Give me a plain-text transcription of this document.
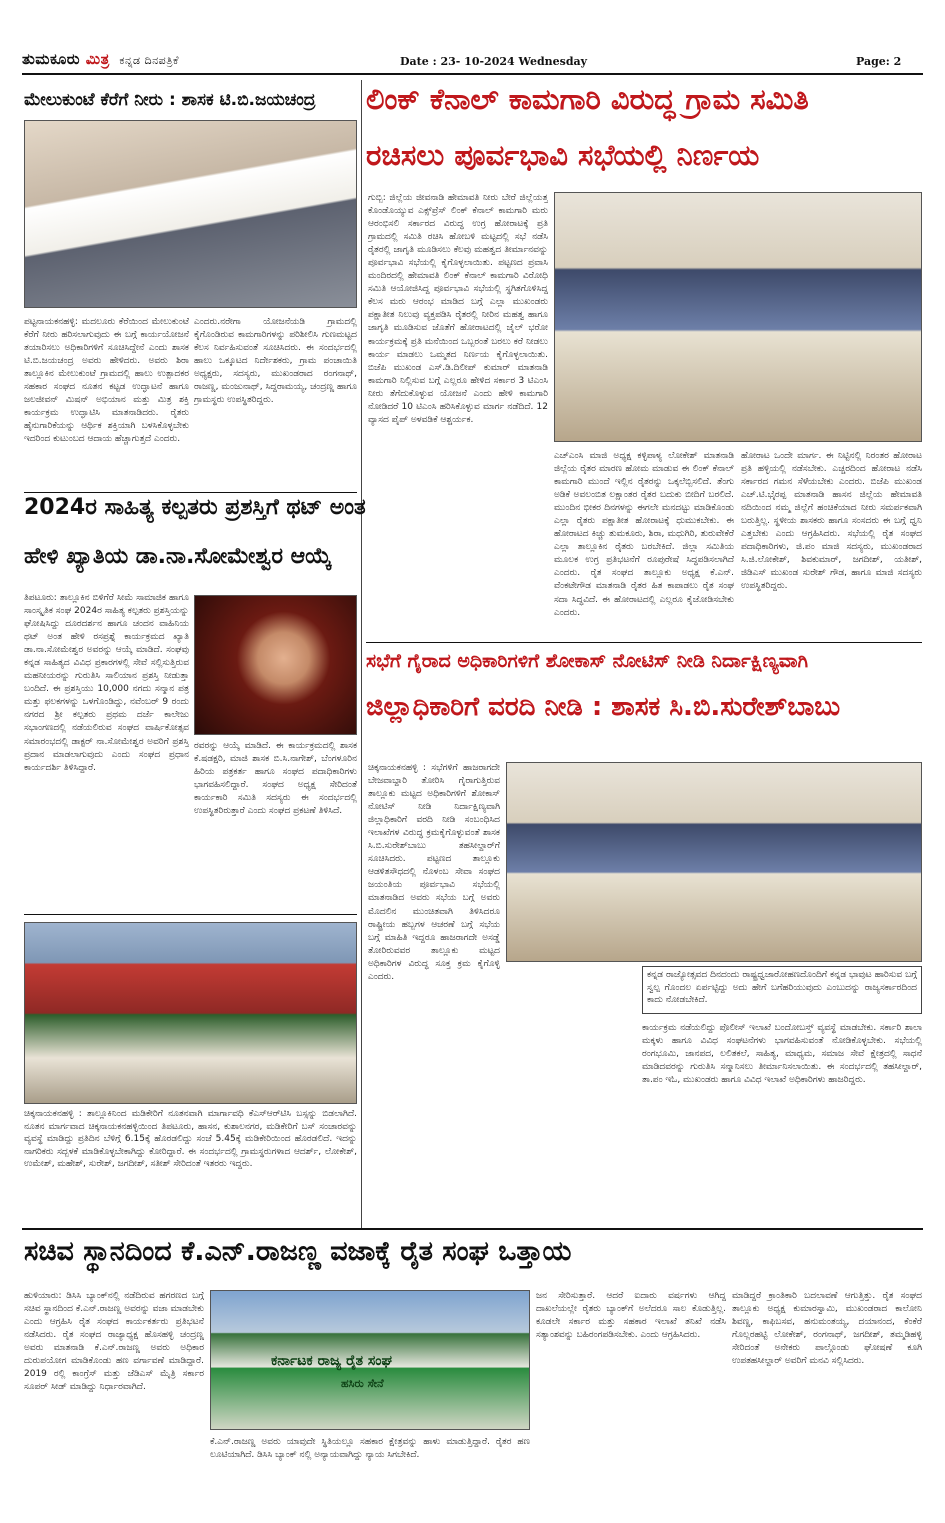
ತುಮಕೂರು ಮಿತ್ರ ಕನ್ನಡ ದಿನಪತ್ರಿಕೆ	Date : 23- 10-2024 Wednesday	Page: 2
ಮೇಲುಕುಂಟೆ ಕೆರೆಗೆ ನೀರು : ಶಾಸಕ ಟಿ.ಬಿ.ಜಯಚಂದ್ರ
ಪಟ್ಟನಾಯಕನಹಳ್ಳಿ: ಮದಲೂರು ಕೆರೆಯಿಂದ ಮೇಲುಕುಂಟೆ ಕೆರೆಗೆ ನೀರು ಹರಿಸಲಾಗುವುದು ಈ ಬಗ್ಗೆ ಕಾರ್ಯಯೋಜನೆ ತಯಾರಿಸಲು ಅಧಿಕಾರಿಗಳಿಗೆ ಸೂಚಿಸಿದ್ದೇನೆ ಎಂದು ಶಾಸಕ ಟಿ.ಬಿ.ಜಯಚಂದ್ರ ಅವರು ಹೇಳಿದರು. ಅವರು ಶಿರಾ ತಾಲ್ಲೂಕಿನ ಮೇಲುಕುಂಟೆ ಗ್ರಾಮದಲ್ಲಿ ಹಾಲು ಉತ್ಪಾದಕರ ಸಹಕಾರ ಸಂಘದ ನೂತನ ಕಟ್ಟಡ ಉದ್ಘಾಟನೆ ಹಾಗೂ ಜಲಜೀವನ್ ಮಿಷನ್ ಅಭಿಯಾನ ಮತ್ತು ಮಿತ್ರ ಶಕ್ತಿ ಕಾರ್ಯಕ್ರಮ ಉದ್ಘಾಟಿಸಿ ಮಾತನಾಡಿದರು. ರೈತರು ಹೈನುಗಾರಿಕೆಯನ್ನು ಆರ್ಥಿಕ ಶಕ್ತಿಯಾಗಿ ಬಳಸಿಕೊಳ್ಳಬೇಕು ಇದರಿಂದ ಕುಟುಂಬದ ಆದಾಯ ಹೆಚ್ಚಾಗುತ್ತದೆ ಎಂದರು.
ಎಂದರು.ನರೇಗಾ ಯೋಜನೆಯಡಿ ಗ್ರಾಮದಲ್ಲಿ ಕೈಗೊಂಡಿರುವ ಕಾಮಗಾರಿಗಳನ್ನು ಪರಿಶೀಲಿಸಿ ಗುಣಮಟ್ಟದ ಕೆಲಸ ನಿರ್ವಹಿಸುವಂತೆ ಸೂಚಿಸಿದರು. ಈ ಸಂದರ್ಭದಲ್ಲಿ ಹಾಲು ಒಕ್ಕೂಟದ ನಿರ್ದೇಶಕರು, ಗ್ರಾಮ ಪಂಚಾಯಿತಿ ಅಧ್ಯಕ್ಷರು, ಸದಸ್ಯರು, ಮುಖಂಡರಾದ ರಂಗನಾಥ್, ರಾಜಣ್ಣ, ಮಂಜುನಾಥ್, ಸಿದ್ದರಾಮಯ್ಯ, ಚಂದ್ರಣ್ಣ ಹಾಗೂ ಗ್ರಾಮಸ್ಥರು ಉಪಸ್ಥಿತರಿದ್ದರು.
ಲಿಂಕ್ ಕೆನಾಲ್ ಕಾಮಗಾರಿ ವಿರುದ್ಧ ಗ್ರಾಮ ಸಮಿತಿ
ರಚಿಸಲು ಪೂರ್ವಭಾವಿ ಸಭೆಯಲ್ಲಿ ನಿರ್ಣಯ
ಗುಬ್ಬಿ: ಜಿಲ್ಲೆಯ ಜೀವನಾಡಿ ಹೇಮಾವತಿ ನೀರು ಬೇರೆ ಜಿಲ್ಲೆಯತ್ತ ಕೊಂಡೊಯ್ಯುವ ಎಕ್ಸ್‌ಪ್ರೆಸ್ ಲಿಂಕ್ ಕೆನಾಲ್ ಕಾಮಗಾರಿ ಮರು ಆರಂಭಿಸಲಿ ಸರ್ಕಾರದ ವಿರುದ್ಧ ಉಗ್ರ ಹೋರಾಟಕ್ಕೆ ಪ್ರತಿ ಗ್ರಾಮದಲ್ಲಿ ಸಮಿತಿ ರಚಿಸಿ ಹೋಬಳಿ ಮಟ್ಟದಲ್ಲಿ ಸಭೆ ನಡೆಸಿ ರೈತರಲ್ಲಿ ಜಾಗೃತಿ ಮೂಡಿಸಲು ಕೆಲವು ಮಹತ್ವದ ತೀರ್ಮಾನವನ್ನು ಪೂರ್ವಭಾವಿ ಸಭೆಯಲ್ಲಿ ಕೈಗೊಳ್ಳಲಾಯಿತು. ಪಟ್ಟಣದ ಪ್ರವಾಸಿ ಮಂದಿರದಲ್ಲಿ ಹೇಮಾವತಿ ಲಿಂಕ್ ಕೆನಾಲ್ ಕಾಮಗಾರಿ ವಿರೋಧಿ ಸಮಿತಿ ಆಯೋಜಿಸಿದ್ದ ಪೂರ್ವಭಾವಿ ಸಭೆಯಲ್ಲಿ ಸ್ಥಗಿತಗೊಳಿಸಿದ್ದ ಕೆಲಸ ಮರು ಆರಂಭ ಮಾಡಿದ ಬಗ್ಗೆ ಎಲ್ಲಾ ಮುಖಂಡರು ಪಕ್ಷಾತೀತ ನಿಲುವು ವ್ಯಕ್ತಪಡಿಸಿ ರೈತರಲ್ಲಿ ನೀರಿನ ಮಹತ್ವ ಹಾಗೂ ಜಾಗೃತಿ ಮೂಡಿಸುವ ಜೊತೆಗೆ ಹೋರಾಟದಲ್ಲಿ ಜೈಲ್ ಭರೋ ಕಾರ್ಯಕ್ರಮಕ್ಕೆ ಪ್ರತಿ ಮನೆಯಿಂದ ಒಬ್ಬರಂತೆ ಬರಲು ಕರೆ ನೀಡಲು ಕಾರ್ಯ ಮಾಡಲು ಒಮ್ಮತದ ನಿರ್ಣಯ ಕೈಗೊಳ್ಳಲಾಯಿತು. ಬಿಜೆಪಿ ಮುಖಂಡ ಎಸ್.ಡಿ.ದಿಲೀಪ್ ಕುಮಾರ್ ಮಾತನಾಡಿ ಕಾಮಗಾರಿ ನಿಲ್ಲಿಸುವ ಬಗ್ಗೆ ಎಲ್ಲರೂ ಹೇಳಿದ ಸರ್ಕಾರ 3 ಟಿಎಂಸಿ ನೀರು ತೆಗೆದುಕೊಳ್ಳುವ ಯೋಜನೆ ಎಂದು ಹೇಳಿ ಕಾಮಗಾರಿ ನೋಡಿದರೆ 10 ಟಿಎಂಸಿ ಹರಿಸಿಕೊಳ್ಳುವ ಮಾರ್ಗ ನಡೆದಿದೆ. 12 ವ್ಯಾಸದ ಪೈಪ್ ಅಳವಡಿಕೆ ಆಶ್ಚರ್ಯಕ.
ಎಚ್‌ಎಂಸಿ ಮಾಜಿ ಅಧ್ಯಕ್ಷ ಕಳ್ಳಿಪಾಳ್ಯ ಲೋಕೇಶ್ ಮಾತನಾಡಿ ಜಿಲ್ಲೆಯ ರೈತರ ಮಾರಣ ಹೋಮ ಮಾಡುವ ಈ ಲಿಂಕ್ ಕೆನಾಲ್ ಕಾಮಗಾರಿ ಮುಂದೆ ಇಲ್ಲಿನ ರೈತರನ್ನು ಒಕ್ಕಲೆಬ್ಬಿಸಲಿದೆ. ತೆಂಗು ಅಡಿಕೆ ಅವಲಂಬಿತ ಲಕ್ಷಾಂತರ ರೈತರ ಬದುಕು ಬೀದಿಗೆ ಬರಲಿದೆ. ಮುಂದಿನ ಭೀಕರ ದಿನಗಳನ್ನು ಈಗಲೇ ಮನದಟ್ಟು ಮಾಡಿಕೊಂಡು ಎಲ್ಲಾ ರೈತರು ಪಕ್ಷಾತೀತ ಹೋರಾಟಕ್ಕೆ ಧುಮುಕಬೇಕು. ಈ ಹೋರಾಟದ ಕಿಚ್ಚು ತುಮಕೂರು, ಶಿರಾ, ಮಧುಗಿರಿ, ತುರುವೇಕೆರೆ ಎಲ್ಲಾ ತಾಲ್ಲೂಕಿನ ರೈತರು ಬರಬೇಕಿದೆ. ಜಿಲ್ಲಾ ಸಮಿತಿಯ ಮೂಲಕ ಉಗ್ರ ಪ್ರತಿಭಟನೆಗೆ ರೂಪುರೇಷೆ ಸಿದ್ಧಪಡಿಸಲಾಗಿದೆ ಎಂದರು. ರೈತ ಸಂಘದ ತಾಲ್ಲೂಕು ಅಧ್ಯಕ್ಷ ಕೆ.ಎನ್. ವೆಂಕಟೇಗೌಡ ಮಾತನಾಡಿ ರೈತರ ಹಿತ ಕಾಪಾಡಲು ರೈತ ಸಂಘ ಸದಾ ಸಿದ್ಧವಿದೆ. ಈ ಹೋರಾಟದಲ್ಲಿ ಎಲ್ಲರೂ ಕೈಜೋಡಿಸಬೇಕು ಎಂದರು.
ಹೋರಾಟ ಒಂದೇ ಮಾರ್ಗ. ಈ ನಿಟ್ಟಿನಲ್ಲಿ ನಿರಂತರ ಹೋರಾಟ ಪ್ರತಿ ಹಳ್ಳಿಯಲ್ಲಿ ನಡೆಸಬೇಕು. ಎಚ್ಚರದಿಂದ ಹೋರಾಟ ನಡೆಸಿ ಸರ್ಕಾರದ ಗಮನ ಸೆಳೆಯಬೇಕು ಎಂದರು. ಬಿಜೆಪಿ ಮುಖಂಡ ಎಚ್.ಟಿ.ಭೈರಪ್ಪ ಮಾತನಾಡಿ ಹಾಸನ ಜಿಲ್ಲೆಯ ಹೇಮಾವತಿ ನದಿಯಿಂದ ನಮ್ಮ ಜಿಲ್ಲೆಗೆ ಹಂಚಿಕೆಯಾದ ನೀರು ಸಮರ್ಪಕವಾಗಿ ಬರುತ್ತಿಲ್ಲ. ಸ್ಥಳೀಯ ಶಾಸಕರು ಹಾಗೂ ಸಂಸದರು ಈ ಬಗ್ಗೆ ಧ್ವನಿ ಎತ್ತಬೇಕು ಎಂದು ಆಗ್ರಹಿಸಿದರು. ಸಭೆಯಲ್ಲಿ ರೈತ ಸಂಘದ ಪದಾಧಿಕಾರಿಗಳು, ಜಿ.ಪಂ ಮಾಜಿ ಸದಸ್ಯರು, ಮುಖಂಡರಾದ ಸಿ.ಜಿ.ಲೋಕೇಶ್, ಶಿವಕುಮಾರ್, ಜಗದೀಶ್, ಯತೀಶ್, ಜಿಡಿಎಸ್ ಮುಖಂಡ ಸುರೇಶ್ ಗೌಡ, ಹಾಗೂ ಮಾಜಿ ಸದಸ್ಯರು ಉಪಸ್ಥಿತರಿದ್ದರು.
2024ರ ಸಾಹಿತ್ಯ ಕಲ್ಪತರು ಪ್ರಶಸ್ತಿಗೆ ಥಟ್ ಅಂತ
ಹೇಳಿ ಖ್ಯಾತಿಯ ಡಾ.ನಾ.ಸೋಮೇಶ್ವರ ಆಯ್ಕೆ
ತಿಪಟೂರು: ತಾಲ್ಲೂಕಿನ ಬಿಳಿಗೆರೆ ಸೀಮೆ ಸಾಮಾಜಿಕ ಹಾಗೂ ಸಾಂಸ್ಕೃತಿಕ ಸಂಘ 2024ರ ಸಾಹಿತ್ಯ ಕಲ್ಪತರು ಪ್ರಶಸ್ತಿಯನ್ನು ಘೋಷಿಸಿದ್ದು ದೂರದರ್ಶನ ಹಾಗೂ ಚಂದನ ವಾಹಿನಿಯ ಥಟ್ ಅಂತ ಹೇಳಿ ರಸಪ್ರಶ್ನೆ ಕಾರ್ಯಕ್ರಮದ ಖ್ಯಾತಿ ಡಾ.ನಾ.ಸೋಮೇಶ್ವರ ಅವರನ್ನು ಆಯ್ಕೆ ಮಾಡಿದೆ. ಸಂಘವು ಕನ್ನಡ ಸಾಹಿತ್ಯದ ವಿವಿಧ ಪ್ರಕಾರಗಳಲ್ಲಿ ಸೇವೆ ಸಲ್ಲಿಸುತ್ತಿರುವ ಮಹನೀಯರನ್ನು ಗುರುತಿಸಿ ಸಾಲಿಯಾನ ಪ್ರಶಸ್ತಿ ನೀಡುತ್ತಾ ಬಂದಿದೆ. ಈ ಪ್ರಶಸ್ತಿಯು 10,000 ನಗದು ಸನ್ಮಾನ ಪತ್ರ ಮತ್ತು ಫಲಕಗಳನ್ನು ಒಳಗೊಂಡಿದ್ದು, ನವೆಂಬರ್ 9 ರಂದು ನಗರದ ಶ್ರೀ ಕಲ್ಪತರು ಪ್ರಥಮ ದರ್ಜೆ ಕಾಲೇಜು ಸಭಾಂಗಣದಲ್ಲಿ ನಡೆಯಲಿರುವ ಸಂಘದ ವಾರ್ಷಿಕೋತ್ಸವ ಸಮಾರಂಭದಲ್ಲಿ ಡಾಕ್ಟರ್ ನಾ.ಸೋಮೇಶ್ವರ ಅವರಿಗೆ ಪ್ರಶಸ್ತಿ ಪ್ರದಾನ ಮಾಡಲಾಗುವುದು ಎಂದು ಸಂಘದ ಪ್ರಧಾನ ಕಾರ್ಯದರ್ಶಿ ತಿಳಿಸಿದ್ದಾರೆ.
ರವರನ್ನು ಆಯ್ಕೆ ಮಾಡಿದೆ. ಈ ಕಾರ್ಯಕ್ರಮದಲ್ಲಿ ಶಾಸಕ ಕೆ.ಷಡಕ್ಷರಿ, ಮಾಜಿ ಶಾಸಕ ಬಿ.ಸಿ.ನಾಗೇಶ್, ಬೆಂಗಳೂರಿನ ಹಿರಿಯ ಪತ್ರಕರ್ತ ಹಾಗೂ ಸಂಘದ ಪದಾಧಿಕಾರಿಗಳು ಭಾಗವಹಿಸಲಿದ್ದಾರೆ. ಸಂಘದ ಅಧ್ಯಕ್ಷ ಸೇರಿದಂತೆ ಕಾರ್ಯಕಾರಿ ಸಮಿತಿ ಸದಸ್ಯರು ಈ ಸಂದರ್ಭದಲ್ಲಿ ಉಪಸ್ಥಿತರಿರುತ್ತಾರೆ ಎಂದು ಸಂಘದ ಪ್ರಕಟಣೆ ತಿಳಿಸಿದೆ.
ಸಭೆಗೆ ಗೈರಾದ ಅಧಿಕಾರಿಗಳಿಗೆ ಶೋಕಾಸ್ ನೋಟಿಸ್ ನೀಡಿ ನಿರ್ದಾಕ್ಷಿಣ್ಯವಾಗಿ
ಜಿಲ್ಲಾಧಿಕಾರಿಗೆ ವರದಿ ನೀಡಿ : ಶಾಸಕ ಸಿ.ಬಿ.ಸುರೇಶ್‌ಬಾಬು
ಚಿಕ್ಕನಾಯಕನಹಳ್ಳಿ : ಸಭೆಗಳಿಗೆ ಹಾಜರಾಗದೇ ಬೇಜವಾಬ್ದಾರಿ ತೋರಿಸಿ ಗೈರಾಗುತ್ತಿರುವ ತಾಲ್ಲೂಕು ಮಟ್ಟದ ಅಧಿಕಾರಿಗಳಿಗೆ ಶೋಕಾಸ್ ನೋಟಿಸ್ ನೀಡಿ ನಿರ್ದಾಕ್ಷಿಣ್ಯವಾಗಿ ಜಿಲ್ಲಾಧಿಕಾರಿಗೆ ವರದಿ ನೀಡಿ ಸಂಬಂಧಿಸಿದ ಇಲಾಖೆಗಳ ವಿರುದ್ಧ ಕ್ರಮಕೈಗೊಳ್ಳುವಂತೆ ಶಾಸಕ ಸಿ.ಬಿ.ಸುರೇಶ್‌ಬಾಬು ತಹಸೀಲ್ದಾರ್‌ಗೆ ಸೂಚಿಸಿದರು. ಪಟ್ಟಣದ ತಾಲ್ಲೂಕು ಆಡಳಿತಸೌಧದಲ್ಲಿ ನೊಳಂಬ ಸೇವಾ ಸಂಘದ ಜಯಂತಿಯ ಪೂರ್ವಭಾವಿ ಸಭೆಯಲ್ಲಿ ಮಾತನಾಡಿದ ಅವರು ಸಭೆಯ ಬಗ್ಗೆ ಅವರು ಮೊದಲಿನ ಮುಂಚಿತವಾಗಿ ತಿಳಿಸಿದರೂ ರಾಷ್ಟ್ರೀಯ ಹಬ್ಬಗಳ ಆಚರಣೆ ಬಗ್ಗೆ ಸಭೆಯ ಬಗ್ಗೆ ಮಾಹಿತಿ ಇದ್ದರೂ ಹಾಜರಾಗದೇ ಅಸಡ್ಡೆ ತೋರಿರುವವರ ತಾಲ್ಲೂಕು ಮಟ್ಟದ ಅಧಿಕಾರಿಗಳ ವಿರುದ್ಧ ಸೂಕ್ತ ಕ್ರಮ ಕೈಗೊಳ್ಳಿ ಎಂದರು.	ಕನ್ನಡ ರಾಜ್ಯೋತ್ಸವದ ದಿನದಂದು ರಾಷ್ಟ್ರಧ್ವಜಾರೋಹಣದೊಂದಿಗೆ ಕನ್ನಡ ಭಾವುಟ ಹಾರಿಸುವ ಬಗ್ಗೆ ಸ್ವಲ್ಪ ಗೊಂದಲ ಏರ್ಪಟ್ಟಿದ್ದು ಅದು ಹೇಗೆ ಬಗೆಹರಿಯುವುದು ಎಂಬುದನ್ನು ರಾಜ್ಯಸರ್ಕಾರದಿಂದ ಕಾದು ನೋಡಬೇಕಿದೆ.
ಕಾರ್ಯಕ್ರಮ ನಡೆಯಲಿದ್ದು ಪೊಲೀಸ್ ಇಲಾಖೆ ಬಂದೋಬಸ್ತ್ ವ್ಯವಸ್ಥೆ ಮಾಡಬೇಕು. ಸರ್ಕಾರಿ ಶಾಲಾ ಮಕ್ಕಳು ಹಾಗೂ ವಿವಿಧ ಸಂಘಟನೆಗಳು ಭಾಗವಹಿಸುವಂತೆ ನೋಡಿಕೊಳ್ಳಬೇಕು. ಸಭೆಯಲ್ಲಿ ರಂಗಭೂಮಿ, ಜಾನಪದ, ಲಲಿತಕಲೆ, ಸಾಹಿತ್ಯ, ಮಾಧ್ಯಮ, ಸಮಾಜ ಸೇವೆ ಕ್ಷೇತ್ರದಲ್ಲಿ ಸಾಧನೆ ಮಾಡಿದವರನ್ನು ಗುರುತಿಸಿ ಸನ್ಮಾನಿಸಲು ತೀರ್ಮಾನಿಸಲಾಯಿತು. ಈ ಸಂದರ್ಭದಲ್ಲಿ ತಹಸೀಲ್ದಾರ್, ತಾ.ಪಂ ಇಓ, ಮುಖಂಡರು ಹಾಗೂ ವಿವಿಧ ಇಲಾಖೆ ಅಧಿಕಾರಿಗಳು ಹಾಜರಿದ್ದರು.
ಚಿಕ್ಕನಾಯಕನಹಳ್ಳಿ : ತಾಲ್ಲೂಕಿನಿಂದ ಮಡಿಕೇರಿಗೆ ನೂತನವಾಗಿ ಮಾರ್ಗಾವಧಿ ಕೆಎಸ್‌ಆರ್‌ಟಿಸಿ ಬಸ್ಸನ್ನು ಬಿಡಲಾಗಿದೆ. ನೂತನ ಮಾರ್ಗವಾದ ಚಿಕ್ಕನಾಯಕನಹಳ್ಳಿಯಿಂದ ತಿಪಟೂರು, ಹಾಸನ, ಕುಶಾಲನಗರ, ಮಡಿಕೇರಿಗೆ ಬಸ್ ಸಂಚಾರವನ್ನು ವ್ಯವಸ್ಥೆ ಮಾಡಿದ್ದು ಪ್ರತಿದಿನ ಬೆಳಿಗ್ಗೆ 6.15ಕ್ಕೆ ಹೊರಡಲಿದ್ದು ಸಂಜೆ 5.45ಕ್ಕೆ ಮಡಿಕೇರಿಯಿಂದ ಹೊರಡಲಿದೆ. ಇದನ್ನು ನಾಗರಿಕರು ಸದ್ಬಳಕೆ ಮಾಡಿಕೊಳ್ಳಬೇಕಾಗಿದ್ದು ಕೋರಿದ್ದಾರೆ. ಈ ಸಂದರ್ಭದಲ್ಲಿ ಗ್ರಾಮಸ್ಥರುಗಳಾದ ಆದರ್ಶ್, ಲೋಕೇಶ್, ಉಮೇಶ್, ಮಹೇಶ್, ಸುರೇಶ್, ಜಗದೀಶ್, ಸತೀಶ್ ಸೇರಿದಂತೆ ಇತರರು ಇದ್ದರು.
ಸಚಿವ ಸ್ಥಾನದಿಂದ ಕೆ.ಎನ್.ರಾಜಣ್ಣ ವಜಾಕ್ಕೆ ರೈತ ಸಂಘ ಒತ್ತಾಯ
ಹುಳಿಯಾರು: ಡಿಸಿಸಿ ಬ್ಯಾಂಕ್‌ನಲ್ಲಿ ನಡೆದಿರುವ ಹಗರಣದ ಬಗ್ಗೆ ಸಚಿವ ಸ್ಥಾನದಿಂದ ಕೆ.ಎನ್.ರಾಜಣ್ಣ ಅವರನ್ನು ವಜಾ ಮಾಡಬೇಕು ಎಂದು ಆಗ್ರಹಿಸಿ ರೈತ ಸಂಘದ ಕಾರ್ಯಕರ್ತರು ಪ್ರತಿಭಟನೆ ನಡೆಸಿದರು. ರೈತ ಸಂಘದ ರಾಜ್ಯಾಧ್ಯಕ್ಷ ಹೊಸಹಳ್ಳಿ ಚಂದ್ರಣ್ಣ ಅವರು ಮಾತನಾಡಿ ಕೆ.ಎನ್.ರಾಜಣ್ಣ ಅವರು ಅಧಿಕಾರ ದುರುಪಯೋಗ ಮಾಡಿಕೊಂಡು ಹಣ ವರ್ಗಾವಣೆ ಮಾಡಿದ್ದಾರೆ. 2019 ರಲ್ಲಿ ಕಾಂಗ್ರೆಸ್ ಮತ್ತು ಜೆಡಿಎಸ್ ಮೈತ್ರಿ ಸರ್ಕಾರ ಸೂಪರ್ ಸೀಡ್ ಮಾಡಿದ್ದು ನಿರ್ಧಾರವಾಗಿದೆ.
ಕರ್ನಾಟಕ ರಾಜ್ಯ ರೈತ ಸಂಘ
ಹಸಿರು ಸೇನೆ
ಕೆ.ಎನ್.ರಾಜಣ್ಣ ಅವರು ಯಾವುದೇ ಸ್ಥಿತಿಯಲ್ಲೂ ಸಹಕಾರ ಕ್ಷೇತ್ರವನ್ನು ಹಾಳು ಮಾಡುತ್ತಿದ್ದಾರೆ. ರೈತರ ಹಣ ಲೂಟಿಯಾಗಿದೆ. ಡಿಸಿಸಿ ಬ್ಯಾಂಕ್ ನಲ್ಲಿ ಅನ್ಯಾಯವಾಗಿದ್ದು ನ್ಯಾಯ ಸಿಗಬೇಕಿದೆ.
ಜನ ಸೇರಿಸುತ್ತಾರೆ. ಆದರೆ ಐದಾರು ವರ್ಷಗಳು ಆಗಿದ್ದ ದಾಖಲೆಯಲ್ಲೇ ರೈತರು ಬ್ಯಾಂಕ್‌ಗೆ ಅಲೆದರೂ ಸಾಲ ಕೊಡುತ್ತಿಲ್ಲ. ಕೂಡಲೇ ಸರ್ಕಾರ ಮತ್ತು ಸಹಕಾರ ಇಲಾಖೆ ತನಿಖೆ ನಡೆಸಿ ಸತ್ಯಾಂಶವನ್ನು ಬಹಿರಂಗಪಡಿಸಬೇಕು. ಎಂದು ಆಗ್ರಹಿಸಿದರು.
ಮಾಡಿದ್ದರೆ ಕ್ರಾಂತಿಕಾರಿ ಬದಲಾವಣೆ ಆಗುತ್ತಿತ್ತು. ರೈತ ಸಂಘದ ತಾಲ್ಲೂಕು ಅಧ್ಯಕ್ಷ ಕುಮಾರಸ್ವಾಮಿ, ಮುಖಂಡರಾದ ಕಾಲೋನಿ ಶಿವಣ್ಣ, ಕಾಫಿಬಸವ, ಹನುಮಂತಯ್ಯ, ದಯಾನಂದ, ಕೆಂಕೆರೆ ಗೊಲ್ಲರಹಟ್ಟಿ ಲೋಕೇಶ್, ರಂಗನಾಥ್, ಜಗದೀಶ್, ತಮ್ಮಡಿಹಳ್ಳಿ ಸೇರಿದಂತೆ ಅನೇಕರು ಪಾಲ್ಗೊಂಡು ಘೋಷಣೆ ಕೂಗಿ ಉಪತಹಸೀಲ್ದಾರ್ ಅವರಿಗೆ ಮನವಿ ಸಲ್ಲಿಸಿದರು.
